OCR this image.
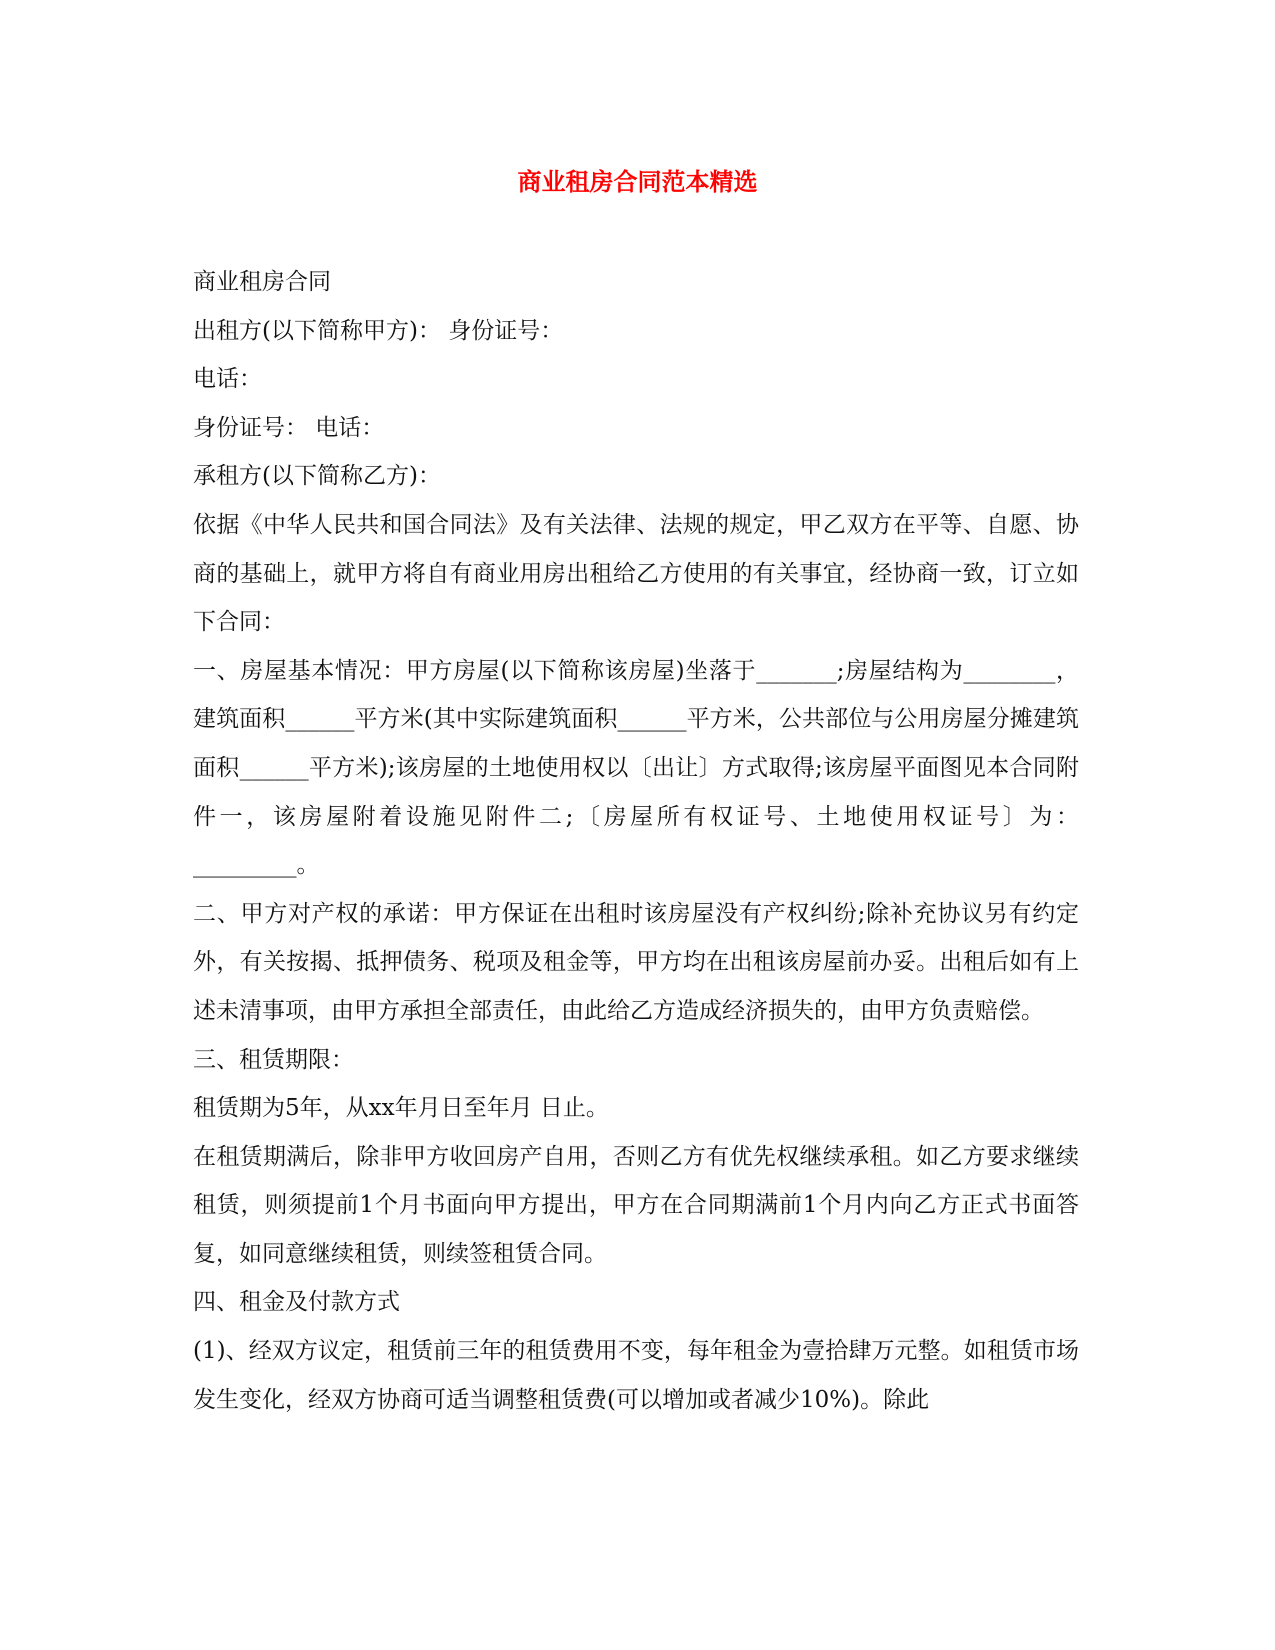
商业租房合同范本精选

商业租房合同

出租方(以下简称甲方)： 身份证号：

电话：

身份证号： 电话：

承租方(以下简称乙方)：

依据《中华人民共和国合同法》及有关法律、法规的规定，甲乙双方在平等、自愿、协商的基础上，就甲方将自有商业用房出租给乙方使用的有关事宜，经协商一致，订立如下合同：

一、房屋基本情况：甲方房屋(以下简称该房屋)坐落于_______;房屋结构为________，建筑面积______平方米(其中实际建筑面积______平方米，公共部位与公用房屋分摊建筑面积______平方米);该房屋的土地使用权以〔出让〕方式取得;该房屋平面图见本合同附件一，该房屋附着设施见附件二;〔房屋所有权证号、土地使用权证号〕为：_________。

二、甲方对产权的承诺：甲方保证在出租时该房屋没有产权纠纷;除补充协议另有约定外，有关按揭、抵押债务、税项及租金等，甲方均在出租该房屋前办妥。出租后如有上述未清事项，由甲方承担全部责任，由此给乙方造成经济损失的，由甲方负责赔偿。

三、租赁期限：

租赁期为5年，从xx年月日至年月 日止。

在租赁期满后，除非甲方收回房产自用，否则乙方有优先权继续承租。如乙方要求继续租赁，则须提前1个月书面向甲方提出，甲方在合同期满前1个月内向乙方正式书面答复，如同意继续租赁，则续签租赁合同。

四、租金及付款方式

(1)、经双方议定，租赁前三年的租赁费用不变，每年租金为壹拾肆万元整。如租赁市场发生变化，经双方协商可适当调整租赁费(可以增加或者减少10%)。除此
